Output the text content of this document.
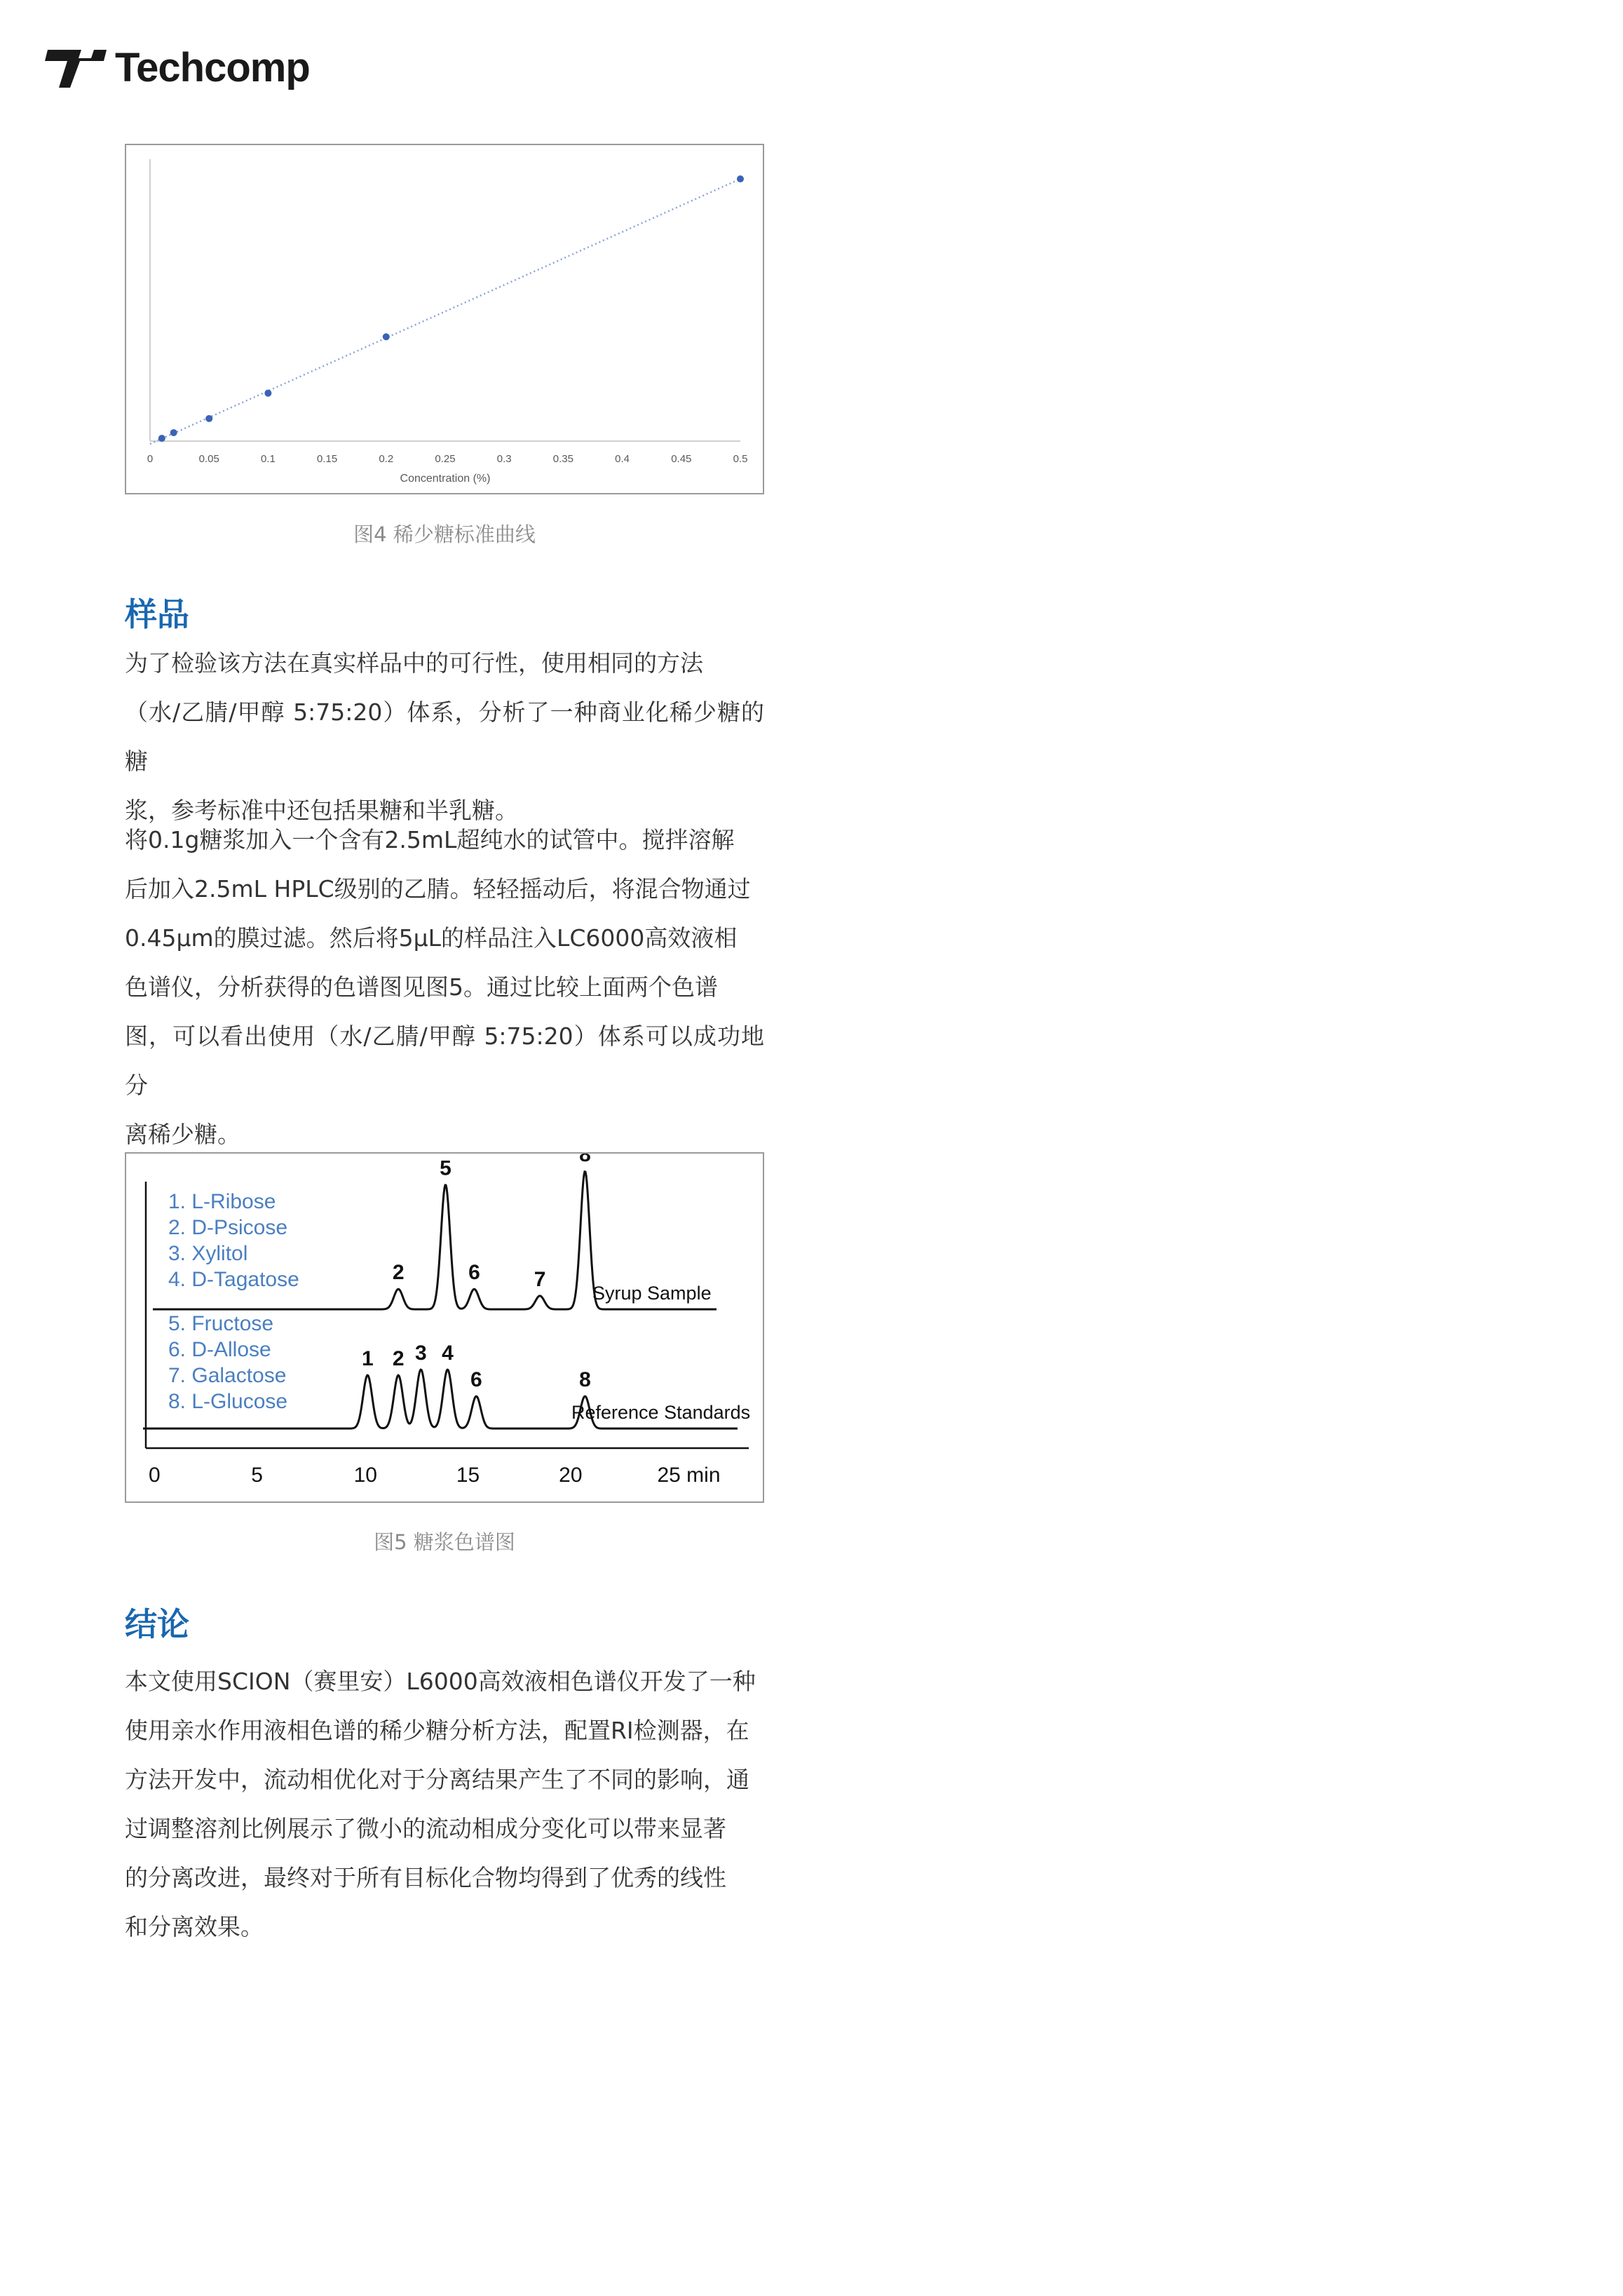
Techcomp
0	0.05	0.1	0.15	0.2	0.25	0.3	0.35	0.4	0.45	0.5
Concentration (%)
图4 稀少糖标准曲线
样品

为了检验该方法在真实样品中的可行性，使用相同的方法
（水/乙腈/甲醇 5:75:20）体系，分析了一种商业化稀少糖的糖
浆，参考标准中还包括果糖和半乳糖。

将0.1g糖浆加入一个含有2.5mL超纯水的试管中。搅拌溶解
后加入2.5mL HPLC级别的乙腈。轻轻摇动后，将混合物通过
0.45μm的膜过滤。然后将5μL的样品注入LC6000高效液相
色谱仪，分析获得的色谱图见图5。通过比较上面两个色谱
图，可以看出使用（水/乙腈/甲醇 5:75:20）体系可以成功地分
离稀少糖。

0	5	10	15	20	25 min
1. L-Ribose
2. D-Psicose
3. Xylitol
4. D-Tagatose
5. Fructose
6. D-Allose
7. Galactose
8. L-Glucose
2
5
6	7
8
Syrup Sample
1 2 3 4
6	8
Reference Standards
图5 糖浆色谱图
结论

本文使用SCION（赛里安）L6000高效液相色谱仪开发了一种
使用亲水作用液相色谱的稀少糖分析方法，配置RI检测器，在
方法开发中，流动相优化对于分离结果产生了不同的影响，通
过调整溶剂比例展示了微小的流动相成分变化可以带来显著
的分离改进，最终对于所有目标化合物均得到了优秀的线性
和分离效果。
